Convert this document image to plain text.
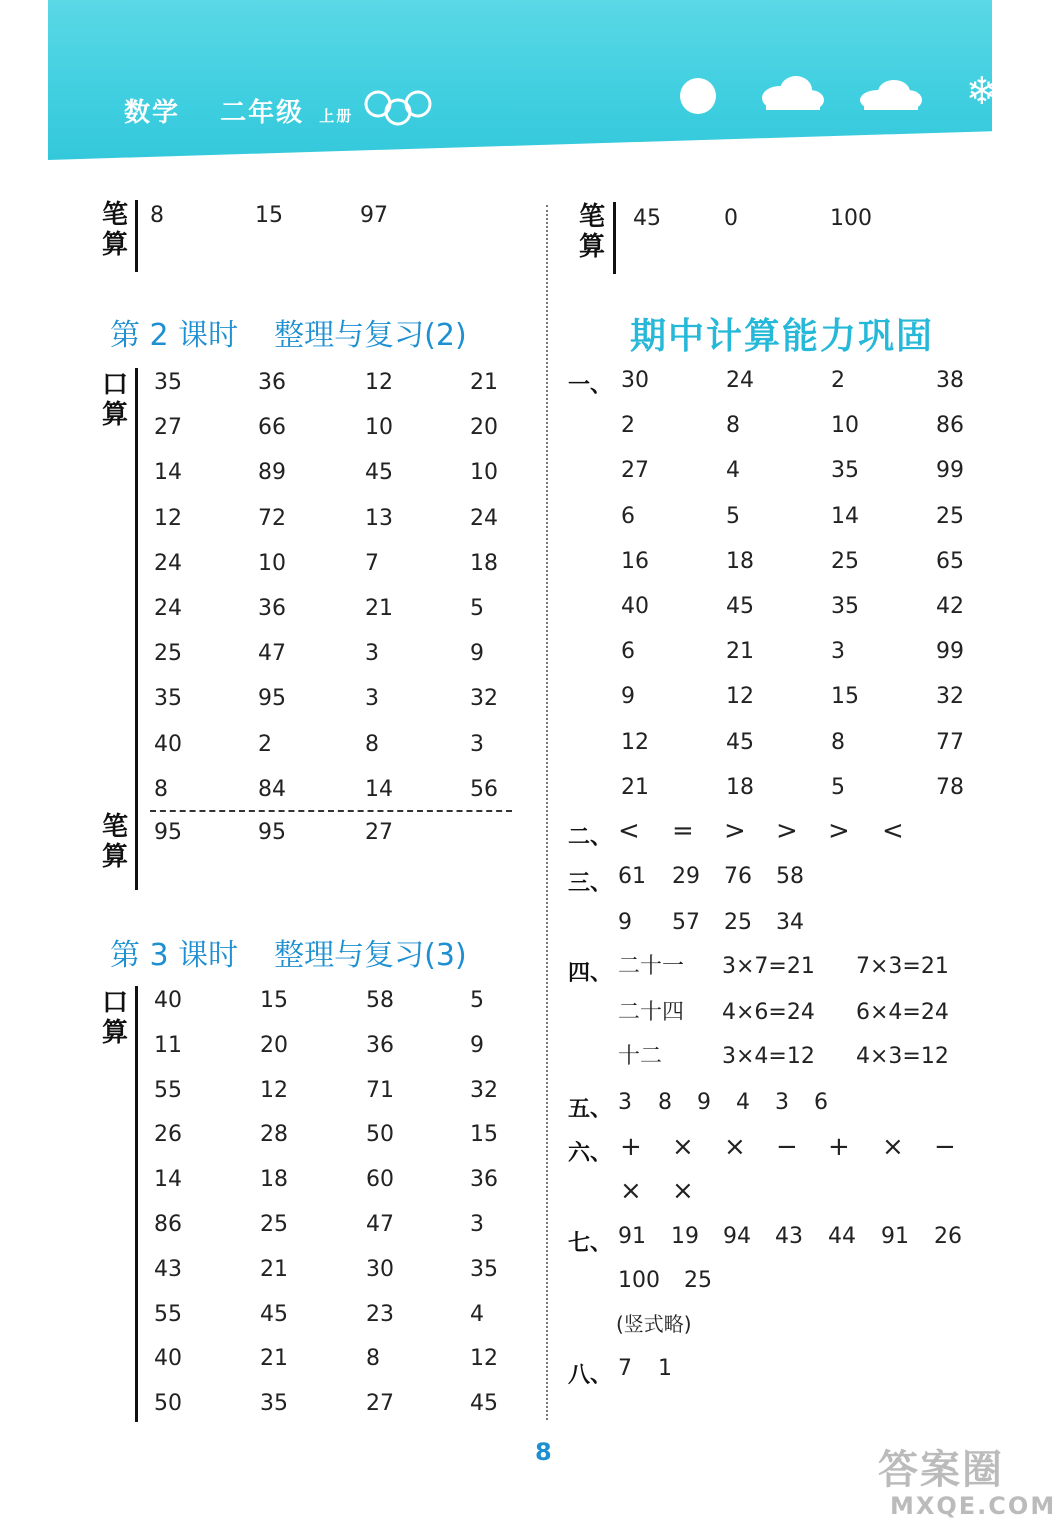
数学 二年级 上册
❄
笔算
8	15	97
第 2 课时 整理与复习(2)
口算
35	36	12	21
27	66	10	20
14	89	45	10
12	72	13	24
24	10	7	18
24	36	21	5
25	47	3	9
35	95	3	32
40	2	8	3
8	84	14	56
笔算
95	95	27
第 3 课时 整理与复习(3)
口算
40	15	58	5
11	20	36	9
55	12	71	32
26	28	50	15
14	18	60	36
86	25	47	3
43	21	30	35
55	45	23	4
40	21	8	12
50	35	27	45
笔算
45	0	100
期中计算能力巩固
一、 30	24	2	38
2	8	10	86
27	4	35	99
6	5	14	25
16	18	25	65
40	45	35	42
6	21	3	99
9	12	15	32
12	45	8	77
21	18	5	78
二、 < = > > > <
三、 61 29 76 58
9 57 25 34
四、 二十一 3×7=21 7×3=21
二十四 4×6=24 6×4=24
十二	3×4=12 4×3=12
五、 3 8 9 4 3 6
六、 + × × − + × −
× ×
七、 91 19 94 43 44 91 26
100 25
(竖式略)
八、 7 1
8	答案圈
MXQE.COM
